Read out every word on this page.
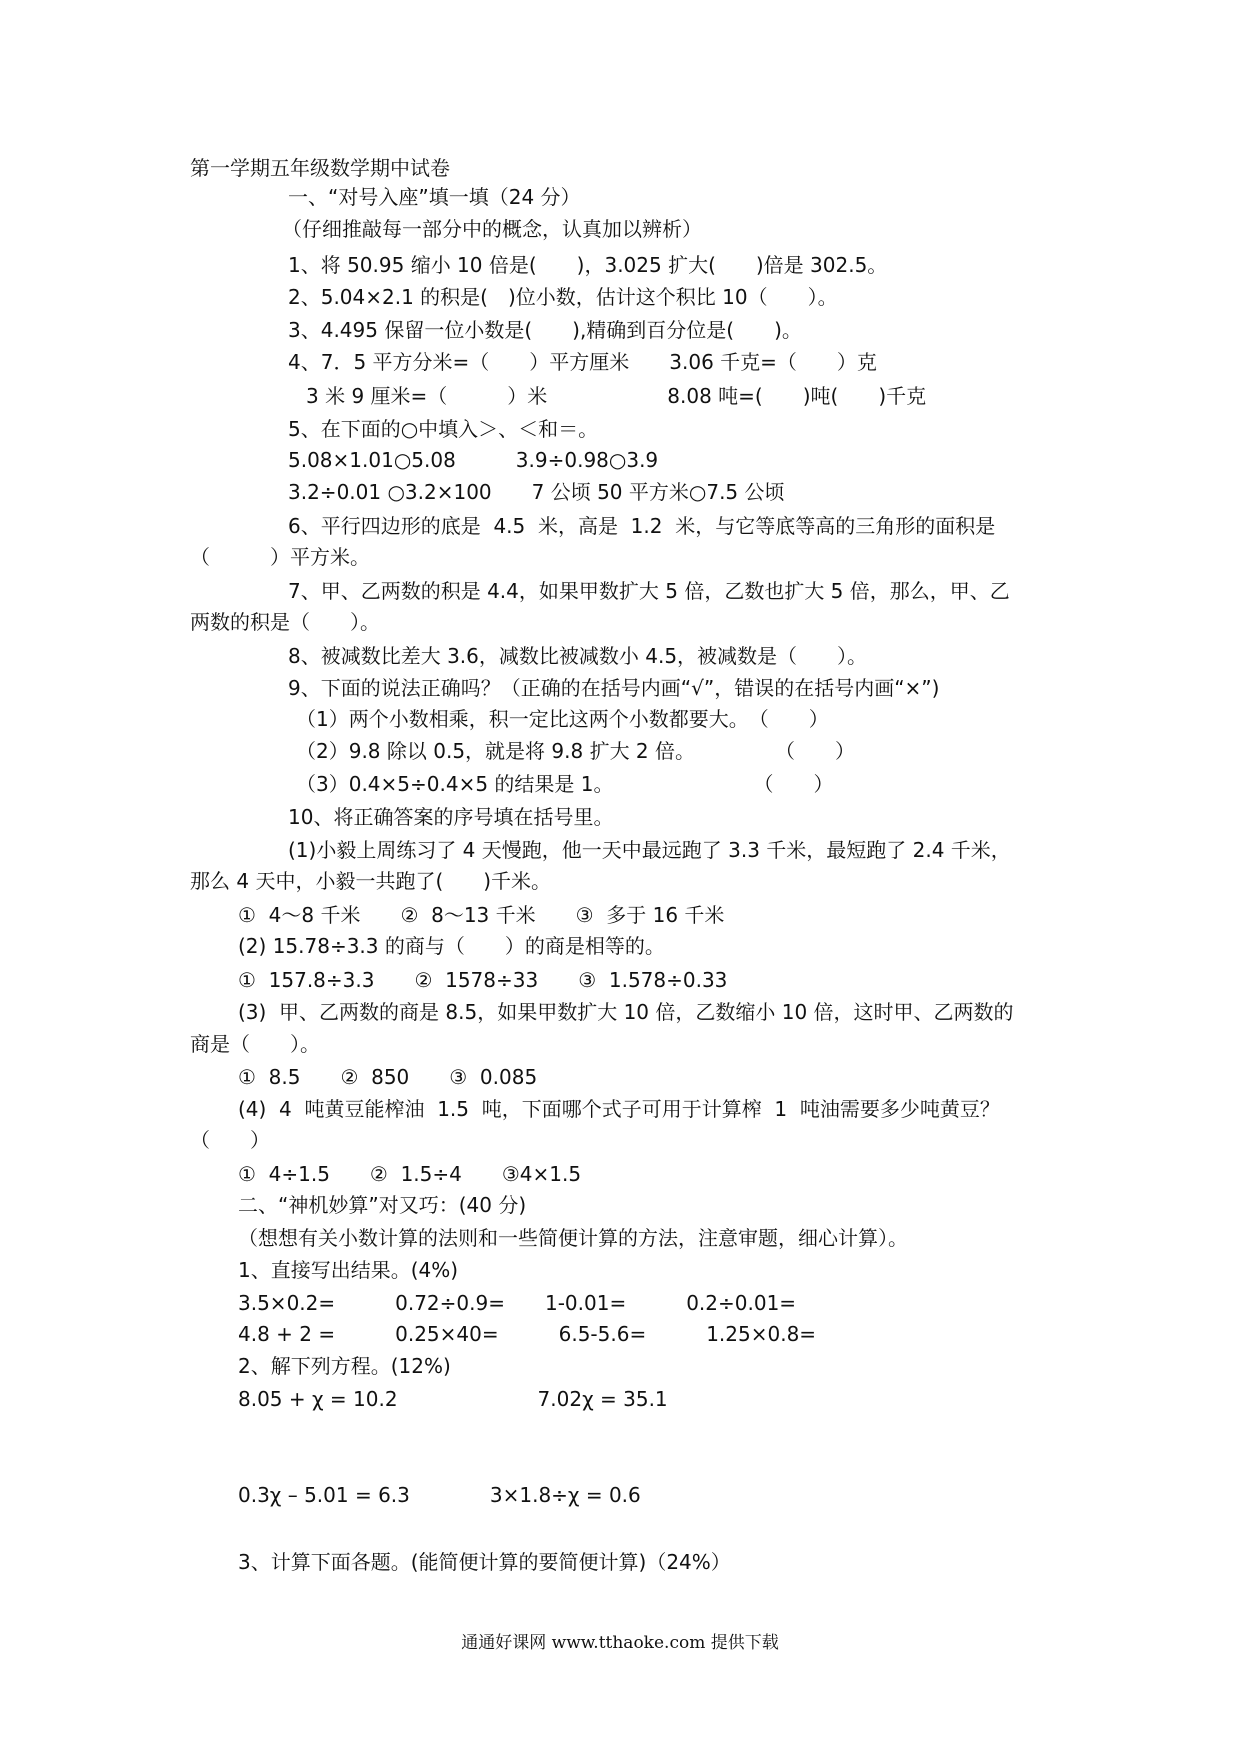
第一学期五年级数学期中试卷
一、“对号入座”填一填（24 分）
（仔细推敲每一部分中的概念，认真加以辨析）
1、将 50.95 缩小 10 倍是(　　)，3.025 扩大(　　)倍是 302.5。
2、5.04×2.1 的积是(　)位小数，估计这个积比 10（　　）。
3、4.495 保留一位小数是(　　),精确到百分位是(　　)。
4、7．5 平方分米=（　　）平方厘米　　3.06 千克=（　　）克
3 米 9 厘米=（　　　）米　　　　　　8.08 吨=(　　)吨(　　)千克
5、在下面的○中填入＞、＜和＝。
5.08×1.01○5.08　　　3.9÷0.98○3.9
3.2÷0.01 ○3.2×100　　7 公顷 50 平方米○7.5 公顷
6、平行四边形的底是  4.5  米，高是  1.2  米，与它等底等高的三角形的面积是
（　　　）平方米。
7、甲、乙两数的积是 4.4，如果甲数扩大 5 倍，乙数也扩大 5 倍，那么，甲、乙
两数的积是（　　）。
8、被减数比差大 3.6，减数比被减数小 4.5，被减数是（　　）。
9、下面的说法正确吗？（正确的在括号内画“√”，错误的在括号内画“×”)
（1）两个小数相乘，积一定比这两个小数都要大。　（　　）
（2）9.8 除以 0.5，就是将 9.8 扩大 2 倍。　　　　　（　　）
（3）0.4×5÷0.4×5 的结果是 1。　　　　　　　　（　　）
10、将正确答案的序号填在括号里。
(1)小毅上周练习了 4 天慢跑，他一天中最远跑了 3.3 千米，最短跑了 2.4 千米，
那么 4 天中，小毅一共跑了(　　)千米。
①  4～8 千米　　②  8～13 千米　　③  多于 16 千米
(2) 15.78÷3.3 的商与（　　）的商是相等的。
①  157.8÷3.3　　②  1578÷33　　③  1.578÷0.33
(3)  甲、乙两数的商是 8.5，如果甲数扩大 10 倍，乙数缩小 10 倍，这时甲、乙两数的
商是（　　）。
①  8.5　　②  850　　③  0.085
(4)  4  吨黄豆能榨油  1.5  吨，下面哪个式子可用于计算榨  1  吨油需要多少吨黄豆？
（　　）
①  4÷1.5　　②  1.5÷4　　③4×1.5
二、“神机妙算”对又巧：(40 分)
（想想有关小数计算的法则和一些简便计算的方法，注意审题，细心计算）。
1、直接写出结果。(4%)
3.5×0.2=　　　0.72÷0.9=　　1-0.01=　　　0.2÷0.01=
4.8 + 2 =　　　0.25×40=　　　6.5-5.6=　　　1.25×0.8=
2、解下列方程。(12%)
8.05 + χ = 10.2　　　　　　　7.02χ = 35.1
0.3χ – 5.01 = 6.3　　　　3×1.8÷χ = 0.6
3、计算下面各题。(能简便计算的要简便计算)（24%）
通通好课网 www.tthaoke.com 提供下载
